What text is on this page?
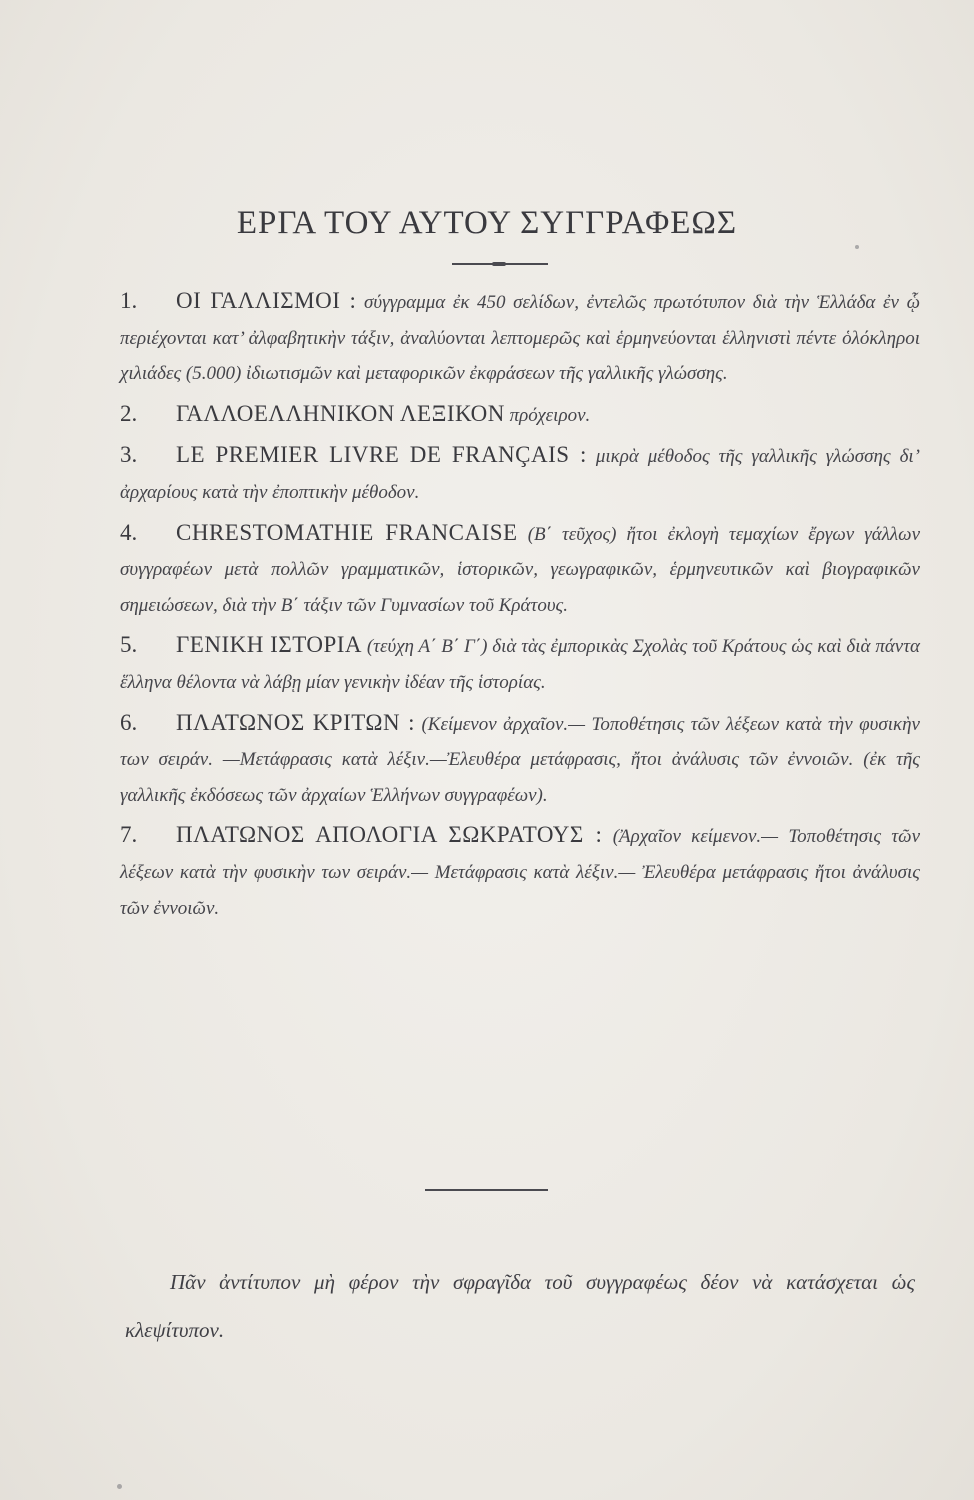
ΕΡΓΑ ΤΟΥ ΑΥΤΟΥ ΣΥΓΓΡΑΦΕΩΣ
1.	ΟΙ ΓΑΛΛΙΣΜΟΙ : σύγγραμμα ἐκ 450 σελίδων, ἐντελῶς πρωτότυπον διὰ τὴν Ἑλλάδα ἐν ᾧ περιέχονται κατ’ ἀλφαβητικὴν τάξιν, ἀναλύονται λεπτομερῶς καὶ ἑρμηνεύονται ἑλληνιστὶ πέντε ὁλόκληροι χιλιάδες (5.000) ἰδιωτισμῶν καὶ μεταφορικῶν ἐκφράσεων τῆς γαλλικῆς γλώσσης.
2.	ΓΑΛΛΟΕΛΛΗΝΙΚΟΝ ΛΕΞΙΚΟΝ πρόχειρον.
3.	LE PREMIER LIVRE DE FRANÇAIS : μικρὰ μέθοδος τῆς γαλλικῆς γλώσσης δι’ ἀρχαρίους κατὰ τὴν ἐποπτικὴν μέθοδον.
4.	CHRESTOMATHIE FRANCAISE (Β΄ τεῦχος) ἤτοι ἐκλογὴ τεμαχίων ἔργων γάλλων συγγραφέων μετὰ πολλῶν γραμματικῶν, ἱστορικῶν, γεωγραφικῶν, ἑρμηνευτικῶν καὶ βιογραφικῶν σημειώσεων, διὰ τὴν Β΄ τάξιν τῶν Γυμνασίων τοῦ Κράτους.
5.	ΓΕΝΙΚΗ ΙΣΤΟΡΙΑ (τεύχη Α΄ Β΄ Γ΄) διὰ τὰς ἐμπορικὰς Σχολὰς τοῦ Κράτους ὡς καὶ διὰ πάντα ἕλληνα θέλοντα νὰ λάβῃ μίαν γενικὴν ἰδέαν τῆς ἱστορίας.
6.	ΠΛΑΤΩΝΟΣ ΚΡΙΤΩΝ : (Κείμενον ἀρχαῖον.— Τοποθέτησις τῶν λέξεων κατὰ τὴν φυσικὴν των σειράν. —Μετάφρασις κατὰ λέξιν.—Ἐλευθέρα μετάφρασις, ἤτοι ἀνάλυσις τῶν ἐννοιῶν. (ἐκ τῆς γαλλικῆς ἐκδόσεως τῶν ἀρχαίων Ἑλλήνων συγγραφέων).
7.	ΠΛΑΤΩΝΟΣ ΑΠΟΛΟΓΙΑ ΣΩΚΡΑΤΟΥΣ : (Ἀρχαῖον κείμενον.— Τοποθέτησις τῶν λέξεων κατὰ τὴν φυσικὴν των σειράν.— Μετάφρασις κατὰ λέξιν.— Ἐλευθέρα μετάφρασις ἤτοι ἀνάλυσις τῶν ἐννοιῶν.
Πᾶν ἀντίτυπον μὴ φέρον τὴν σφραγῖδα τοῦ συγγραφέως δέον νὰ κατάσχεται ὡς κλεψίτυπον.
